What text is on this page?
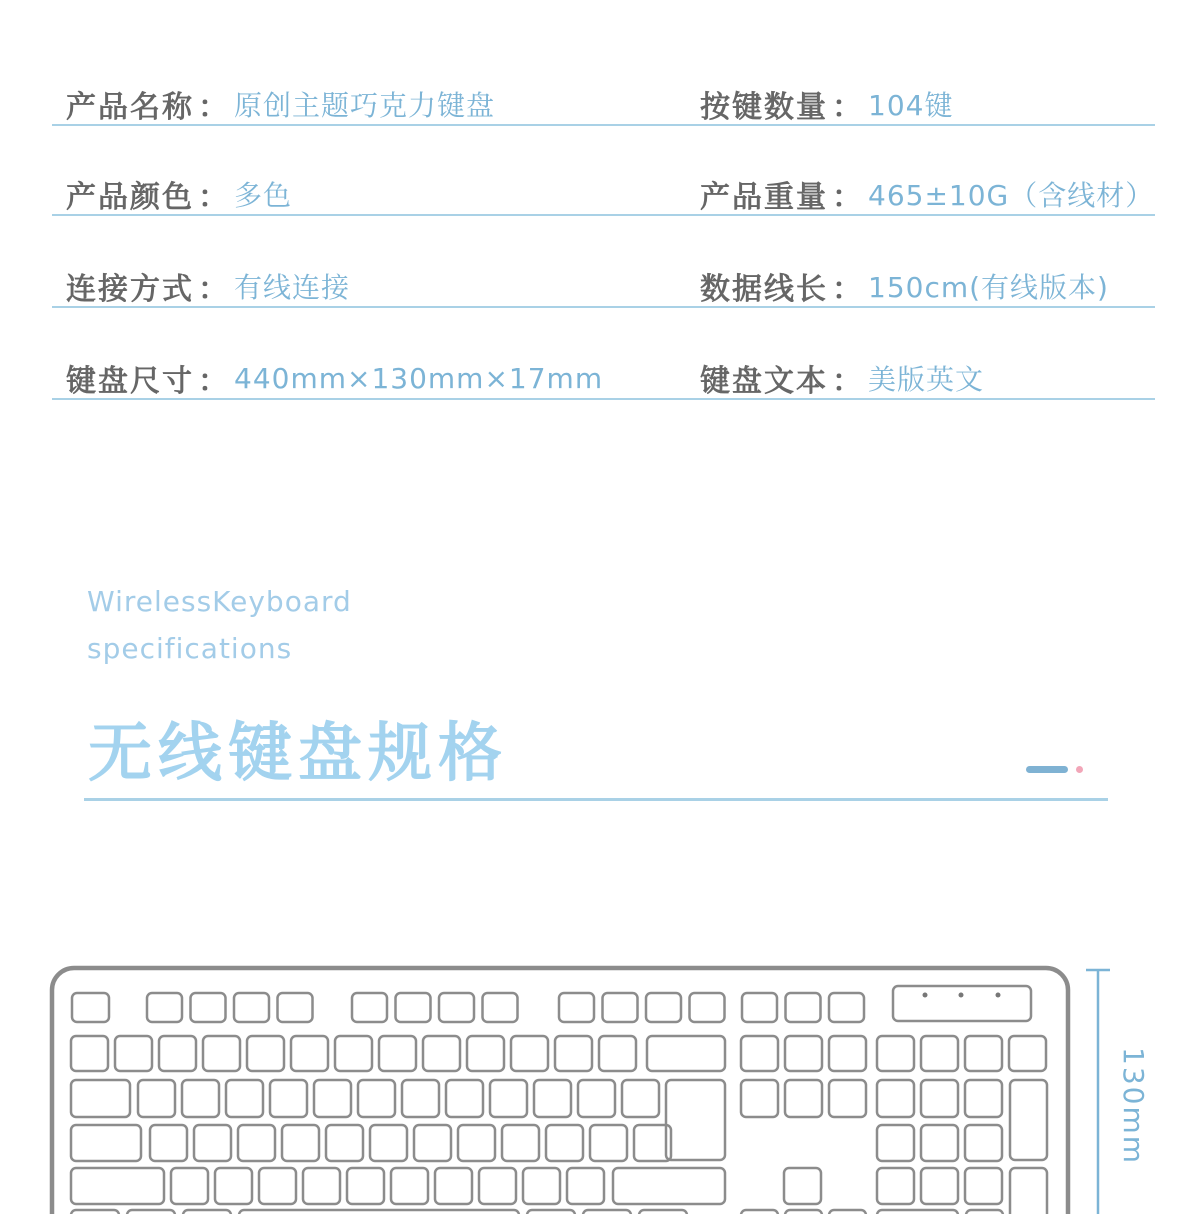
产品名称 ： 原创主题巧克力键盘	按键数量 ： 104键
产品颜色 ： 多色	产品重量 ： 465±10G（含线材）
连接方式 ： 有线连接	数据线长 ： 150cm(有线版本)
键盘尺寸 ： 440mm×130mm×17mm	键盘文本 ： 美版英文
WirelessKeyboard
specifications
无线键盘规格
130mm
